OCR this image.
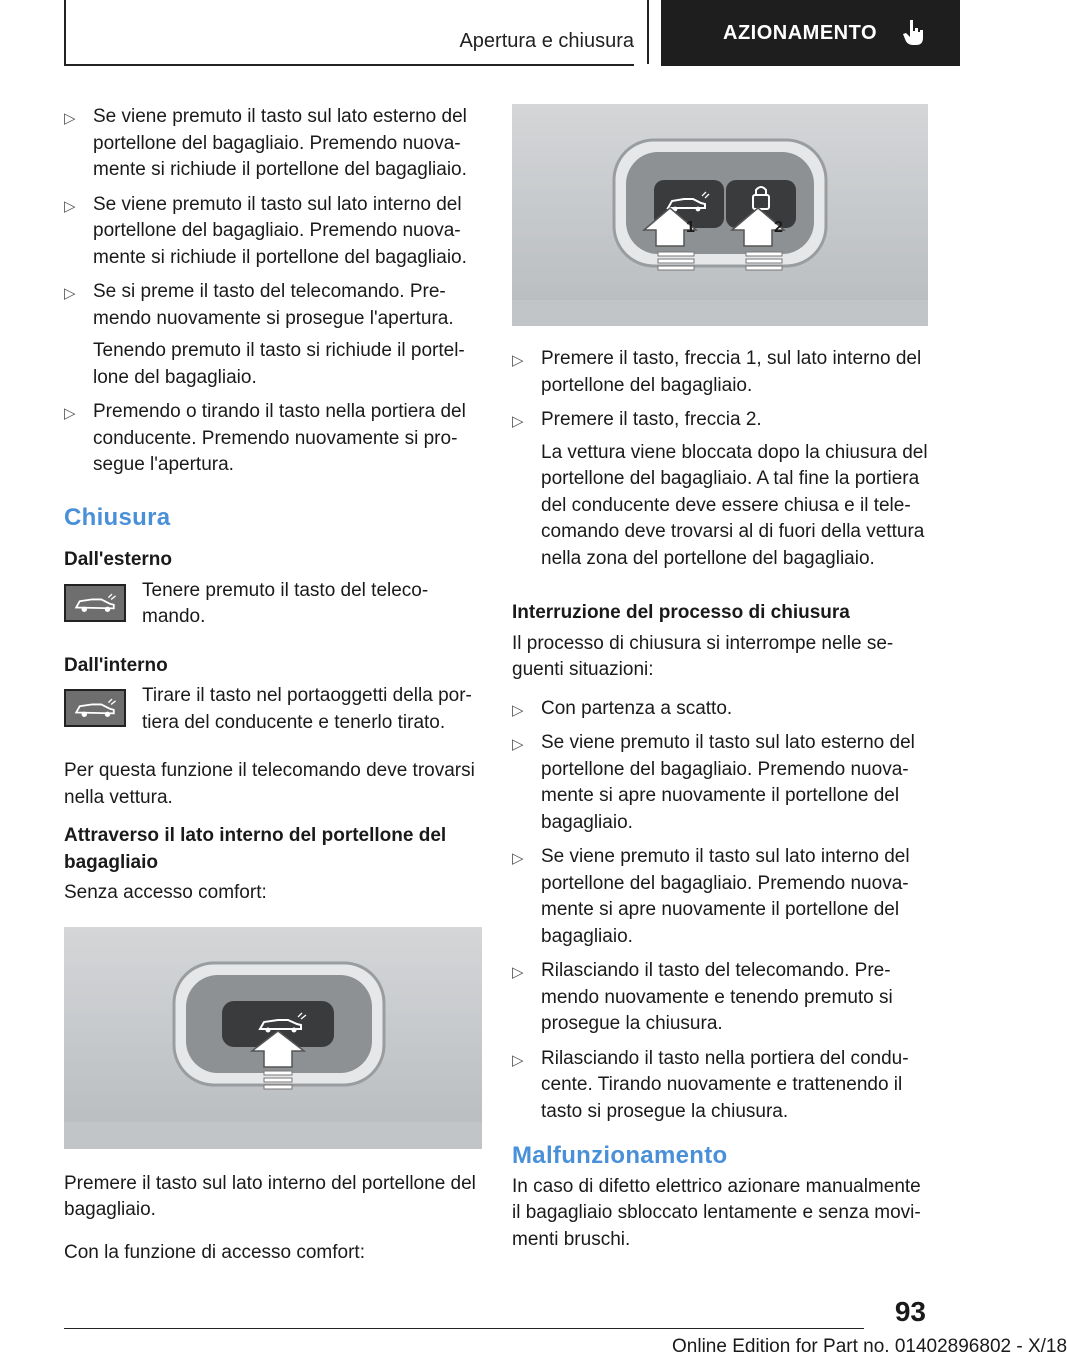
Apertura e chiusura	AZIONAMENTO
▷ Se viene premuto il tasto sul lato esterno del portellone del bagagliaio. Premendo nuovamente si richiude il portellone del bagagliaio.
▷ Se viene premuto il tasto sul lato interno del portellone del bagagliaio. Premendo nuovamente si richiude il portellone del bagagliaio.
▷ Se si preme il tasto del telecomando. Premendo nuovamente si prosegue l'apertura.
Tenendo premuto il tasto si richiude il portellone del bagagliaio.
▷ Premendo o tirando il tasto nella portiera del conducente. Premendo nuovamente si prosegue l'apertura.
Chiusura
Dall'esterno
Tenere premuto il tasto del telecomando.
Dall'interno
Tirare il tasto nel portaoggetti della portiera del conducente e tenerlo tirato.

Per questa funzione il telecomando deve trovarsi nella vettura.

Attraverso il lato interno del portellone del bagagliaio

Senza accesso comfort:

Premere il tasto sul lato interno del portellone del bagagliaio.

Con la funzione di accesso comfort:

1	2
▷ Premere il tasto, freccia 1, sul lato interno del portellone del bagagliaio.
▷ Premere il tasto, freccia 2.
La vettura viene bloccata dopo la chiusura del portellone del bagagliaio. A tal fine la portiera del conducente deve essere chiusa e il telecomando deve trovarsi al di fuori della vettura nella zona del portellone del bagagliaio.
Interruzione del processo di chiusura

Il processo di chiusura si interrompe nelle seguenti situazioni:

▷ Con partenza a scatto.
▷ Se viene premuto il tasto sul lato esterno del portellone del bagagliaio. Premendo nuovamente si apre nuovamente il portellone del bagagliaio.
▷ Se viene premuto il tasto sul lato interno del portellone del bagagliaio. Premendo nuovamente si apre nuovamente il portellone del bagagliaio.
▷ Rilasciando il tasto del telecomando. Premendo nuovamente e tenendo premuto si prosegue la chiusura.
▷ Rilasciando il tasto nella portiera del conducente. Tirando nuovamente e trattenendo il tasto si prosegue la chiusura.
Malfunzionamento

In caso di difetto elettrico azionare manualmente il bagagliaio sbloccato lentamente e senza movimenti bruschi.

93
Online Edition for Part no. 01402896802 - X/18
